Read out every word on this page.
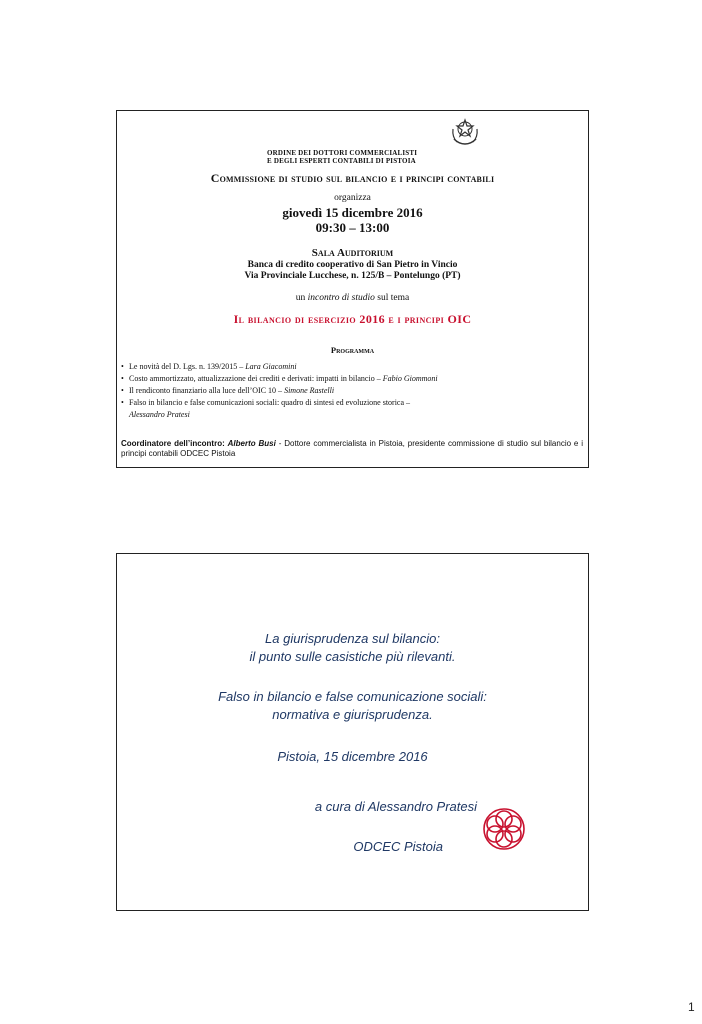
ORDINE DEI DOTTORI COMMERCIALISTI
E DEGLI ESPERTI CONTABILI DI PISTOIA
Commissione di studio sul bilancio e i principi contabili
organizza
giovedì 15 dicembre 2016
09:30 – 13:00
Sala Auditorium
Banca di credito cooperativo di San Pietro in Vincio
Via Provinciale Lucchese, n. 125/B – Pontelungo (PT)
un incontro di studio sul tema
Il bilancio di esercizio 2016 e i principi OIC
Programma
• Le novità del D. Lgs. n. 139/2015 – Lara Giacomini
• Costo ammortizzato, attualizzazione dei crediti e derivati: impatti in bilancio – Fabio Giommoni
• Il rendiconto finanziario alla luce dell’OIC 10 – Simone Rastelli
• Falso in bilancio e false comunicazioni sociali: quadro di sintesi ed evoluzione storica –
Alessandro Pratesi
Coordinatore dell’incontro: Alberto Busi - Dottore commercialista in Pistoia, presidente commissione di studio sul bilancio e i principi contabili ODCEC Pistoia
La giurisprudenza sul bilancio:
il punto sulle casistiche più rilevanti.
Falso in bilancio e false comunicazione sociali:
normativa e giurisprudenza.
Pistoia, 15 dicembre 2016
a cura di Alessandro Pratesi
ODCEC Pistoia
1
